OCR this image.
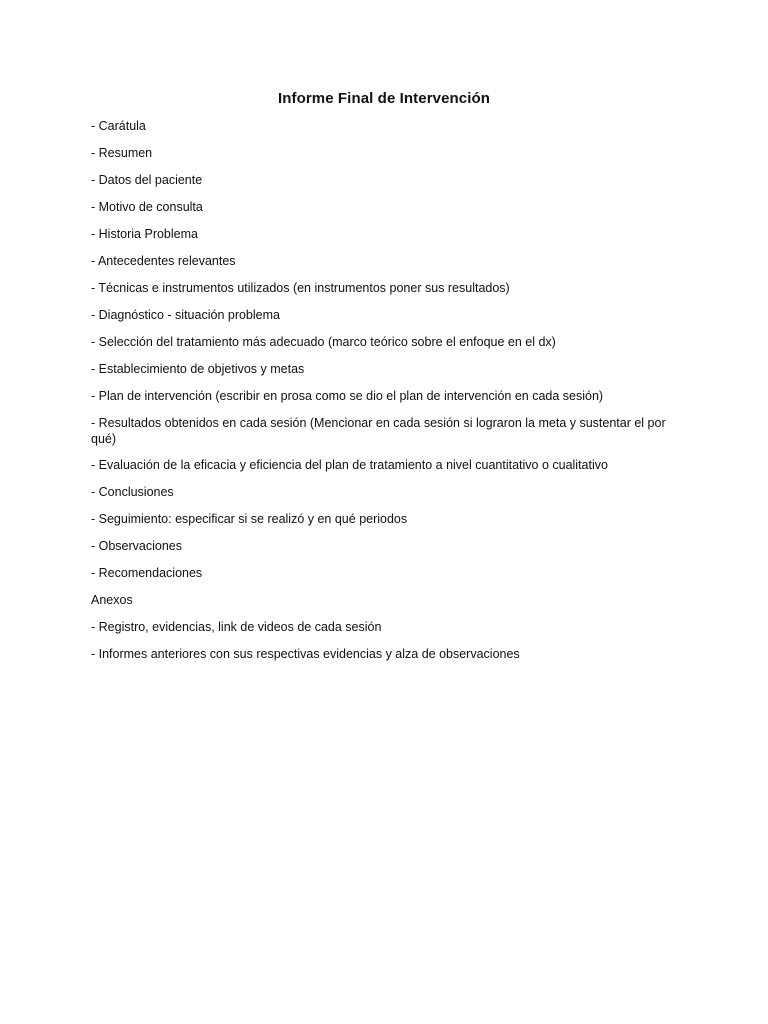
Informe Final de Intervención

- Carátula

- Resumen

- Datos del paciente

- Motivo de consulta

- Historia Problema

- Antecedentes relevantes

- Técnicas e instrumentos utilizados (en instrumentos poner sus resultados)

- Diagnóstico - situación problema

- Selección del tratamiento más adecuado (marco teórico sobre el enfoque en el dx)

- Establecimiento de objetivos y metas

- Plan de intervención (escribir en prosa como se dio el plan de intervención en cada sesión)

- Resultados obtenidos en cada sesión (Mencionar en cada sesión si lograron la meta y sustentar el por qué)

- Evaluación de la eficacia y eficiencia del plan de tratamiento a nivel cuantitativo o cualitativo

- Conclusiones

- Seguimiento: especificar si se realizó y en qué periodos

- Observaciones

- Recomendaciones

Anexos

- Registro, evidencias, link de videos de cada sesión

- Informes anteriores con sus respectivas evidencias y alza de observaciones
